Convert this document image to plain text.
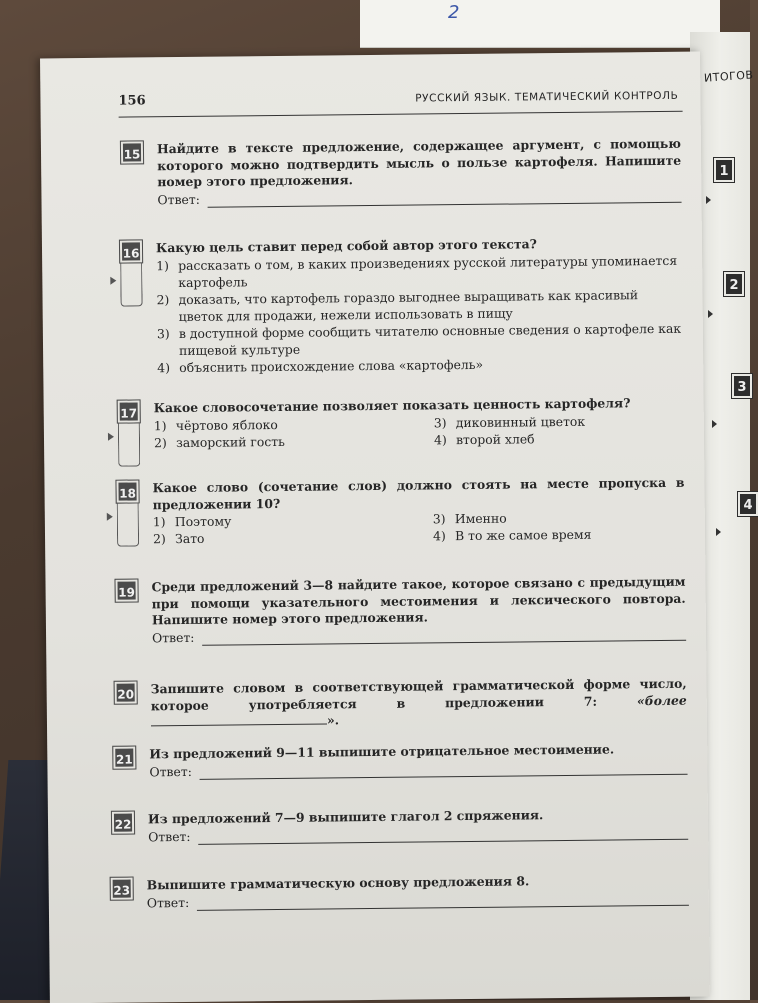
2
ИТОГОВ
1
2
3
4
156	РУССКИЙ ЯЗЫК. ТЕМАТИЧЕСКИЙ КОНТРОЛЬ
15 Найдите в тексте предложение, содержащее аргумент, с помощью которого можно подтвердить мысль о пользе картофеля. Напишите номер этого предложения.

Ответ:
16 Какую цель ставит перед собой автор этого текста?

1) рассказать о том, в каких произведениях русской литературы упоминается картофель
2) доказать, что картофель гораздо выгоднее выращивать как красивый цветок для продажи, нежели использовать в пищу
3) в доступной форме сообщить читателю основные сведения о картофеле как пищевой культуре
4) объяснить происхождение слова «картофель»
17 Какое словосочетание позволяет показать ценность картофеля?

1) чёртово яблоко	3) диковинный цветок
2) заморский гость	4) второй хлеб
18 Какое слово (сочетание слов) должно стоять на месте пропуска в предложении 10?

1) Поэтому	3) Именно
2) Зато	4) В то же самое время
19 Среди предложений 3—8 найдите такое, которое связано с предыдущим при помощи указательного местоимения и лексического повтора. Напишите номер этого предложения.

Ответ:
20 Запишите словом в соответствующей грамматической форме число, которое употребляется в предложении 7:	«более ».

21 Из предложений 9—11 выпишите отрицательное местоимение.

Ответ:
22 Из предложений 7—9 выпишите глагол 2 спряжения.

Ответ:
23 Выпишите грамматическую основу предложения 8.

Ответ:
